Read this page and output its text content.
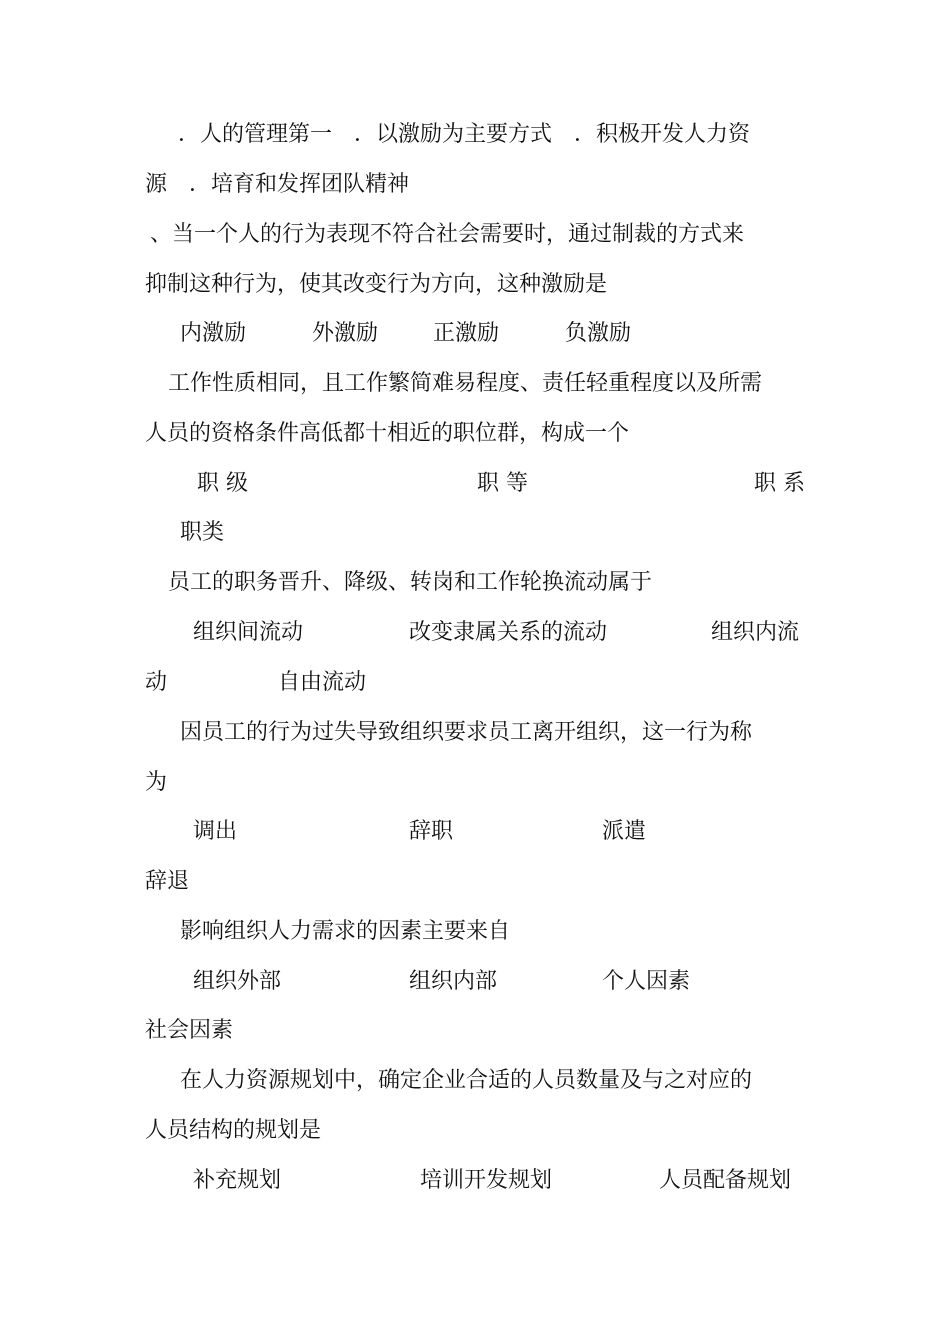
．人的管理第一　．以激励为主要方式　．积极开发人力资
源　．培育和发挥团队精神
、当一个人的行为表现不符合社会需要时，通过制裁的方式来
抑制这种行为，使其改变行为方向，这种激励是
内激励	外激励 正激励	负激励
工作性质相同，且工作繁简难易程度、责任轻重程度以及所需
人员的资格条件高低都十相近的职位群，构成一个
职 级	职 等	职 系
职类
员工的职务晋升、降级、转岗和工作轮换流动属于
组织间流动	改变隶属关系的流动	组织内流
动	自由流动
因员工的行为过失导致组织要求员工离开组织，这一行为称
为
调出	辞职	派遣
辞退
影响组织人力需求的因素主要来自
组织外部	组织内部	个人因素
社会因素
在人力资源规划中，确定企业合适的人员数量及与之对应的
人员结构的规划是
补充规划	培训开发规划	人员配备规划
